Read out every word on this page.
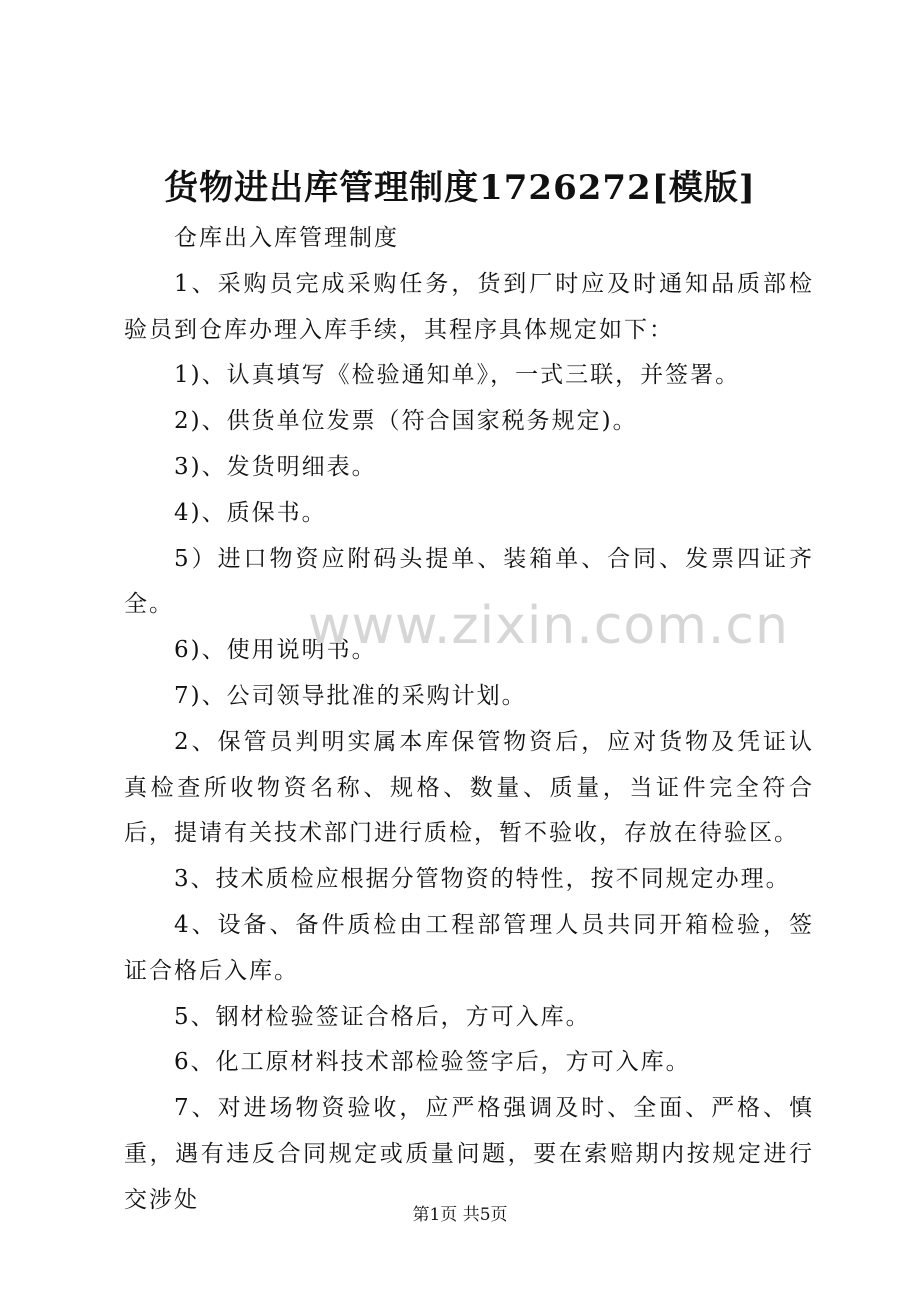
货物进出库管理制度1726272[模版]

仓库出入库管理制度

1、采购员完成采购任务，货到厂时应及时通知品质部检验员到仓库办理入库手续，其程序具体规定如下：

1)、认真填写《检验通知单》，一式三联，并签署。

2)、供货单位发票（符合国家税务规定)。

3)、发货明细表。

4)、质保书。

5）进口物资应附码头提单、装箱单、合同、发票四证齐全。

6)、使用说明书。

7)、公司领导批准的采购计划。

2、保管员判明实属本库保管物资后，应对货物及凭证认真检查所收物资名称、规格、数量、质量，当证件完全符合后，提请有关技术部门进行质检，暂不验收，存放在待验区。

3、技术质检应根据分管物资的特性，按不同规定办理。

4、设备、备件质检由工程部管理人员共同开箱检验，签证合格后入库。

5、钢材检验签证合格后，方可入库。

6、化工原材料技术部检验签字后，方可入库。

7、对进场物资验收，应严格强调及时、全面、严格、慎重，遇有违反合同规定或质量问题，要在索赔期内按规定进行交涉处

www.zixin.com.cn
第1页 共5页
